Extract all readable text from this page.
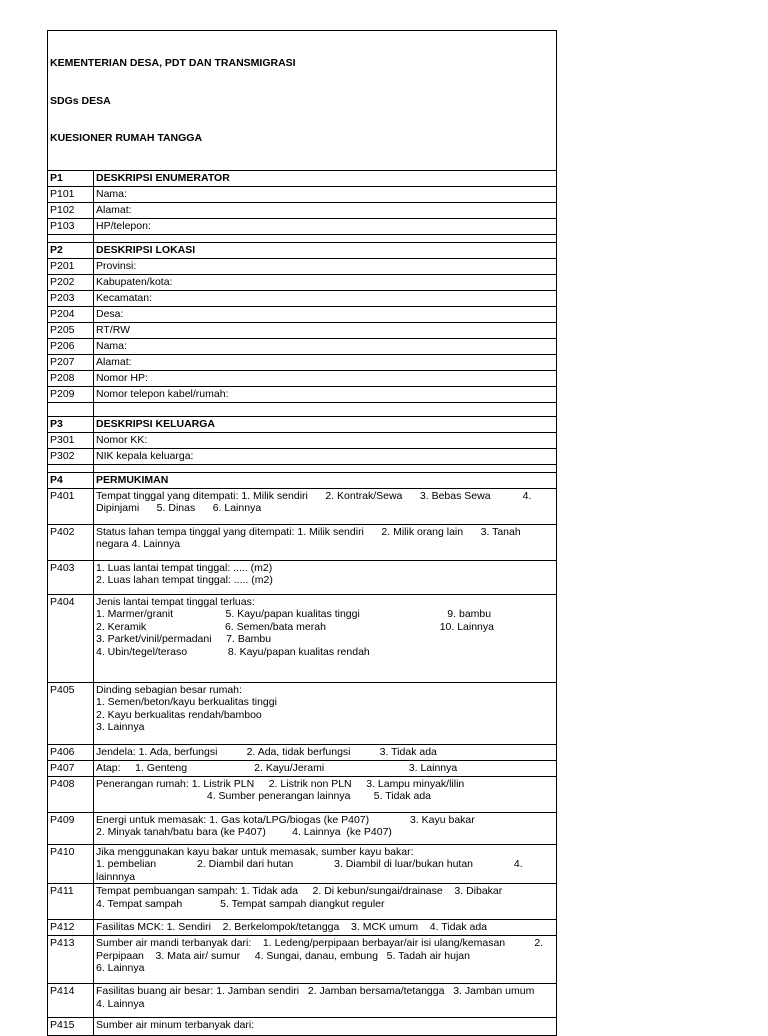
KEMENTERIAN DESA, PDT DAN TRANSMIGRASI

SDGs DESA

KUESIONER RUMAH TANGGA	

P1	DESKRIPSI ENUMERATOR
P101	Nama:
P102	Alamat:
P103	HP/telepon:

P2	DESKRIPSI LOKASI
P201	Provinsi:
P202	Kabupaten/kota:
P203	Kecamatan:
P204	Desa:
P205	RT/RW
P206	Nama:
P207	Alamat:
P208	Nomor HP:
P209	Nomor telepon kabel/rumah:

P3	DESKRIPSI KELUARGA
P301	Nomor KK:
P302	NIK kepala keluarga:

P4	PERMUKIMAN
P401	Tempat tinggal yang ditempati: 1. Milik sendiri      2. Kontrak/Sewa      3. Bebas Sewa           4. Dipinjami      5. Dinas      6. Lainnya
P402	Status lahan tempa tinggal yang ditempati: 1. Milik sendiri      2. Milik orang lain      3. Tanah negara 4. Lainnya
P403	1. Luas lantai tempat tinggal: ..... (m2)
2. Luas lahan tempat tinggal: ..... (m2)
P404	Jenis lantai tempat tinggal terluas:
1. Marmer/granit                  5. Kayu/papan kualitas tinggi                              9. bambu
2. Keramik                           6. Semen/bata merah                                       10. Lainnya
3. Parket/vinil/permadani     7. Bambu
4. Ubin/tegel/teraso              8. Kayu/papan kualitas rendah
P405	Dinding sebagian besar rumah:
1. Semen/beton/kayu berkualitas tinggi
2. Kayu berkualitas rendah/bamboo
3. Lainnya
P406	Jendela: 1. Ada, berfungsi          2. Ada, tidak berfungsi          3. Tidak ada
P407	Atap:     1. Genteng                       2. Kayu/Jerami                             3. Lainnya
P408	Penerangan rumah: 1. Listrik PLN     2. Listrik non PLN     3. Lampu minyak/lilin
4. Sumber penerangan lainnya        5. Tidak ada
P409	Energi untuk memasak: 1. Gas kota/LPG/biogas (ke P407)              3. Kayu bakar
2. Minyak tanah/batu bara (ke P407)         4. Lainnya  (ke P407)
P410	Jika menggunakan kayu bakar untuk memasak, sumber kayu bakar:
1. pembelian              2. Diambil dari hutan              3. Diambil di luar/bukan hutan              4. lainnnya
P411	Tempat pembuangan sampah: 1. Tidak ada     2. Di kebun/sungai/drainase    3. Dibakar
4. Tempat sampah             5. Tempat sampah diangkut reguler
P412	Fasilitas MCK: 1. Sendiri    2. Berkelompok/tetangga    3. MCK umum    4. Tidak ada
P413	Sumber air mandi terbanyak dari:    1. Ledeng/perpipaan berbayar/air isi ulang/kemasan          2. Perpipaan    3. Mata air/ sumur     4. Sungai, danau, embung   5. Tadah air hujan
6. Lainnya
P414	Fasilitas buang air besar: 1. Jamban sendiri   2. Jamban bersama/tetangga   3. Jamban umum    4. Lainnya
P415	Sumber air minum terbanyak dari:
